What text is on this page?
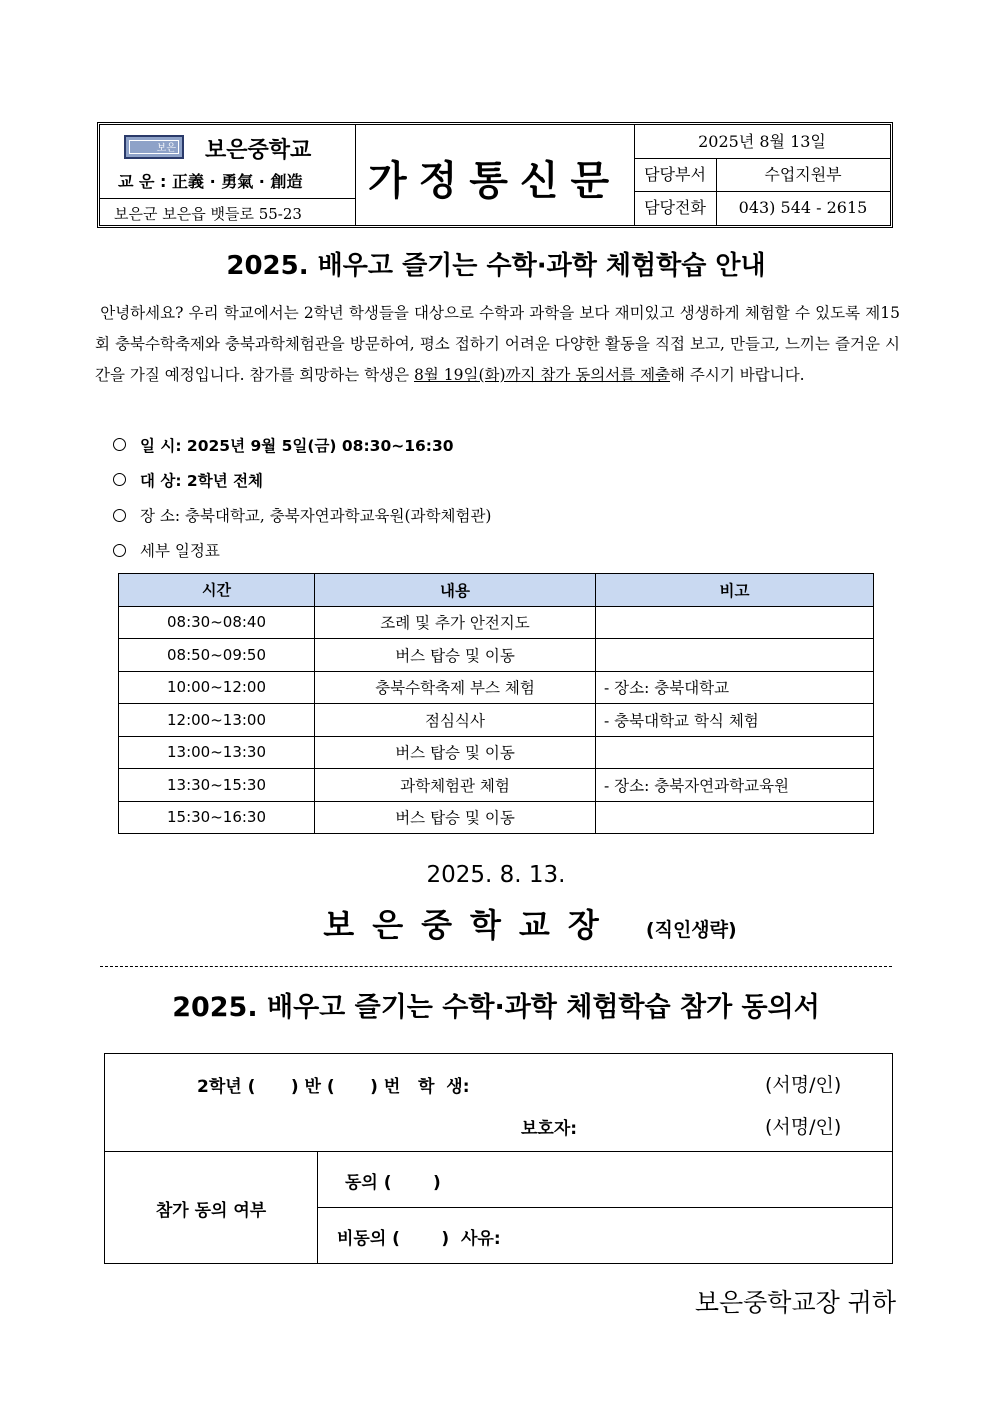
보은 보은중학교
교 운 : 正義 · 勇氣 · 創造
보은군 보은읍 뱃들로 55-23
가정통신문
2025년 8월 13일
담당부서	수업지원부
담당전화	043) 544 - 2615
2025. 배우고 즐기는 수학·과학 체험학습 안내
안녕하세요? 우리 학교에서는 2학년 학생들을 대상으로 수학과 과학을 보다 재미있고 생생하게 체험할 수 있도록 제15회 충북수학축제와 충북과학체험관을 방문하여, 평소 접하기 어려운 다양한 활동을 직접 보고, 만들고, 느끼는 즐거운 시간을 가질 예정입니다. 참가를 희망하는 학생은 8월 19일(화)까지 참가 동의서를 제출해 주시기 바랍니다.
일 시: 2025년 9월 5일(금) 08:30~16:30
대 상: 2학년 전체
장 소: 충북대학교, 충북자연과학교육원(과학체험관)
세부 일정표
시간	내용	비고
08:30~08:40	조례 및 추가 안전지도	
08:50~09:50	버스 탑승 및 이동	
10:00~12:00	충북수학축제 부스 체험	- 장소: 충북대학교
12:00~13:00	점심식사	- 충북대학교 학식 체험
13:00~13:30	버스 탑승 및 이동	
13:30~15:30	과학체험관 체험	- 장소: 충북자연과학교육원
15:30~16:30	버스 탑승 및 이동	
2025. 8. 13.
보은중학교장 (직인생략)
2025. 배우고 즐기는 수학·과학 체험학습 참가 동의서
2학년 (      ) 반 (      ) 번   학  생:	(서명/인)
보호자:	(서명/인)
참가 동의 여부
동의 (       )
비동의 (       )  사유:
보은중학교장 귀하
